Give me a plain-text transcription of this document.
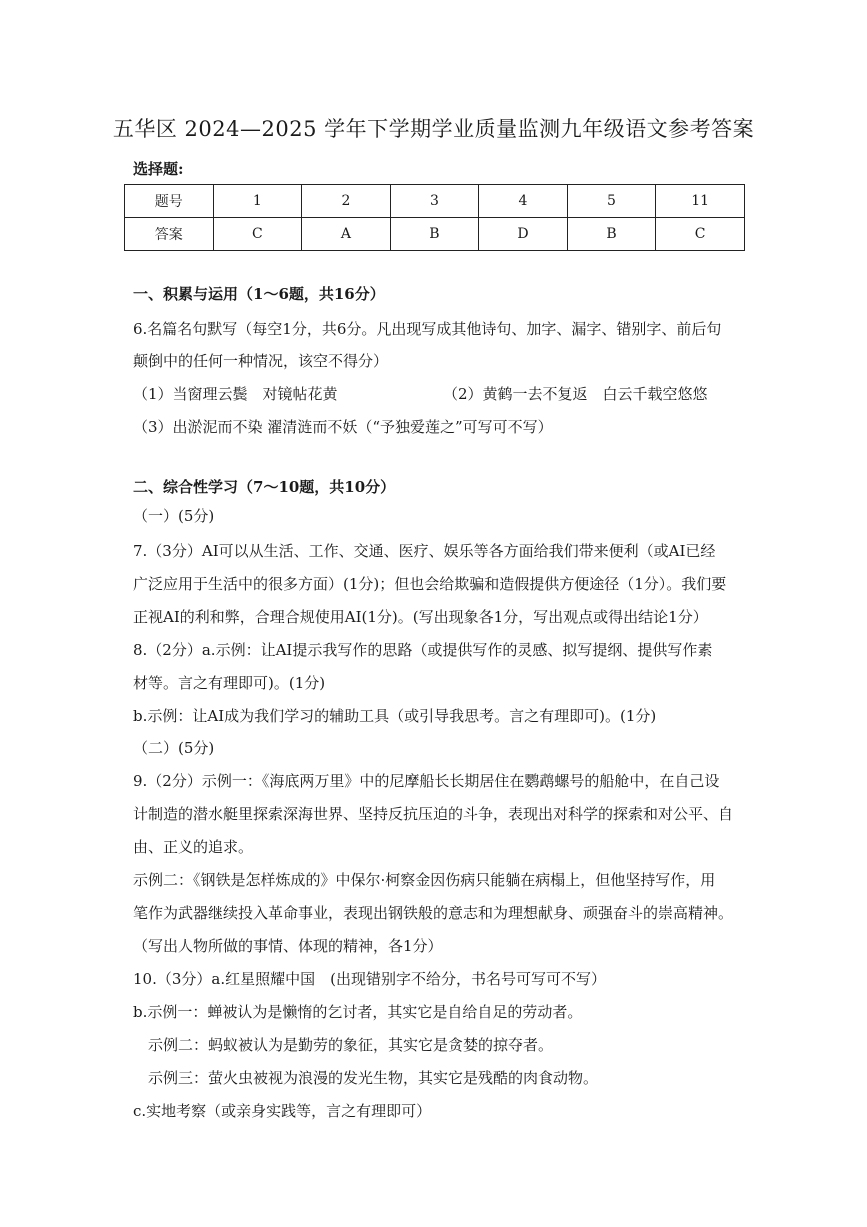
五华区 2024—2025 学年下学期学业质量监测九年级语文参考答案
选择题:
题号	1	2	3	4	5	11
答案	C	A	B	D	B	C
一、积累与运用（1～6题，共16分）
6.名篇名句默写（每空1分，共6分。凡出现写成其他诗句、加字、漏字、错别字、前后句
颠倒中的任何一种情况，该空不得分）
（1）当窗理云鬓　对镜帖花黄	（2）黄鹤一去不复返　白云千载空悠悠
（3）出淤泥而不染 濯清涟而不妖（“予独爱莲之”可写可不写）
二、综合性学习（7～10题，共10分）
（一）(5分)
7.（3分）AI可以从生活、工作、交通、医疗、娱乐等各方面给我们带来便利（或AI已经
广泛应用于生活中的很多方面）(1分)；但也会给欺骗和造假提供方便途径（1分）。我们要
正视AI的利和弊，合理合规使用AI(1分)。(写出现象各1分，写出观点或得出结论1分）
8.（2分）a.示例：让AI提示我写作的思路（或提供写作的灵感、拟写提纲、提供写作素
材等。言之有理即可)。(1分)
b.示例：让AI成为我们学习的辅助工具（或引导我思考。言之有理即可)。(1分)
（二）(5分)
9.（2分）示例一：《海底两万里》中的尼摩船长长期居住在鹦鹉螺号的船舱中，在自己设
计制造的潜水艇里探索深海世界、坚持反抗压迫的斗争，表现出对科学的探索和对公平、自
由、正义的追求。
示例二：《钢铁是怎样炼成的》中保尔·柯察金因伤病只能躺在病榻上，但他坚持写作，用
笔作为武器继续投入革命事业，表现出钢铁般的意志和为理想献身、顽强奋斗的崇高精神。
（写出人物所做的事情、体现的精神，各1分）
10.（3分）a.红星照耀中国　(出现错别字不给分，书名号可写可不写）
b.示例一：蝉被认为是懒惰的乞讨者，其实它是自给自足的劳动者。
示例二：蚂蚁被认为是勤劳的象征，其实它是贪婪的掠夺者。
示例三：萤火虫被视为浪漫的发光生物，其实它是残酷的肉食动物。
c.实地考察（或亲身实践等，言之有理即可）
